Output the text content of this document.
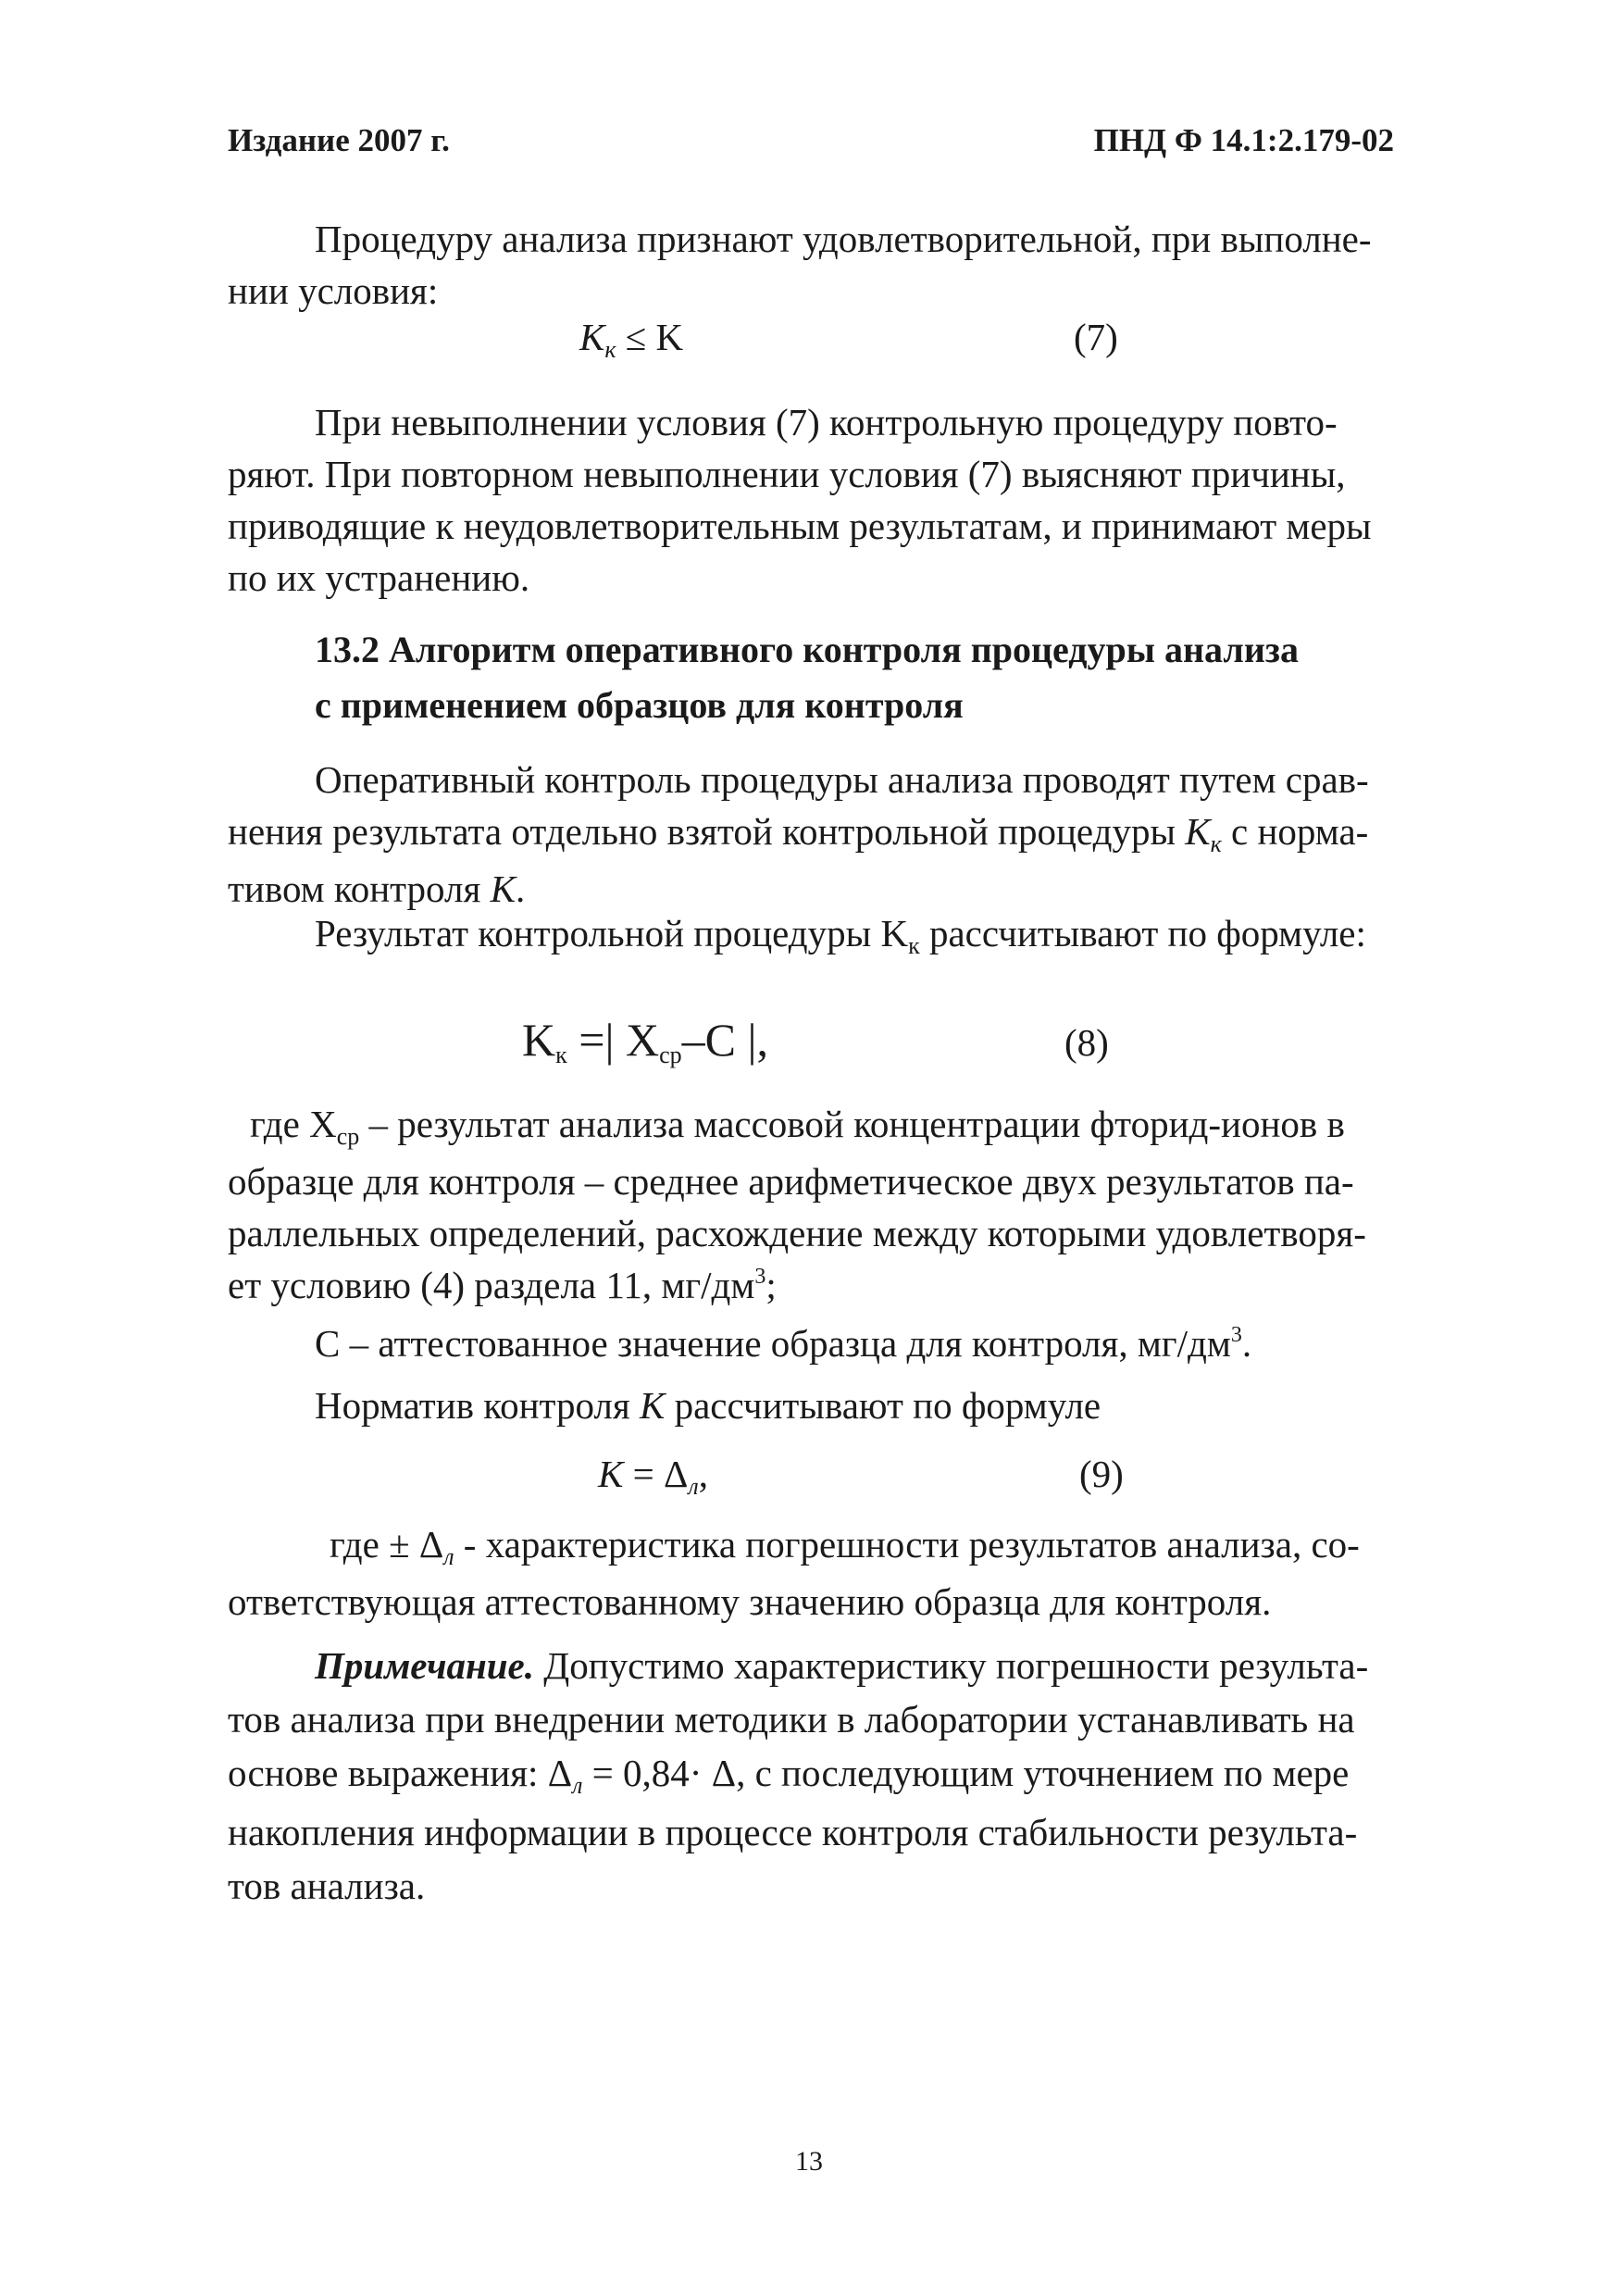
Издание 2007 г.	ПНД Ф 14.1:2.179-02
Процедуру анализа признают удовлетворительной, при выполне-
нии условия:
Kк ≤ K	(7)
При невыполнении условия (7) контрольную процедуру повто-
ряют. При повторном невыполнении условия (7) выясняют причины,
приводящие к неудовлетворительным результатам, и принимают меры
по их устранению.
13.2 Алгоритм оперативного контроля процедуры анализа
с применением образцов для контроля
Оперативный контроль процедуры анализа проводят путем срав-
нения результата отдельно взятой контрольной процедуры Kк с норма-
тивом контроля K.
Результат контрольной процедуры Kк рассчитывают по формуле:
Kк =| Xср–C |,	(8)
где Xср – результат анализа массовой концентрации фторид-ионов в
образце для контроля – среднее арифметическое двух результатов па-
раллельных определений, расхождение между которыми удовлетворя-
ет условию (4) раздела 11, $мг/дм^3$;
C – аттестованное значение образца для контроля, $мг/дм^3$.
Норматив контроля K рассчитывают по формуле
K = Δл,	(9)
где ± Δл - характеристика погрешности результатов анализа, со-
ответствующая аттестованному значению образца для контроля.
Примечание. Допустимо характеристику погрешности результа-
тов анализа при внедрении методики в лаборатории устанавливать на
основе выражения: Δл = 0,84· Δ, с последующим уточнением по мере
накопления информации в процессе контроля стабильности результа-
тов анализа.
13
